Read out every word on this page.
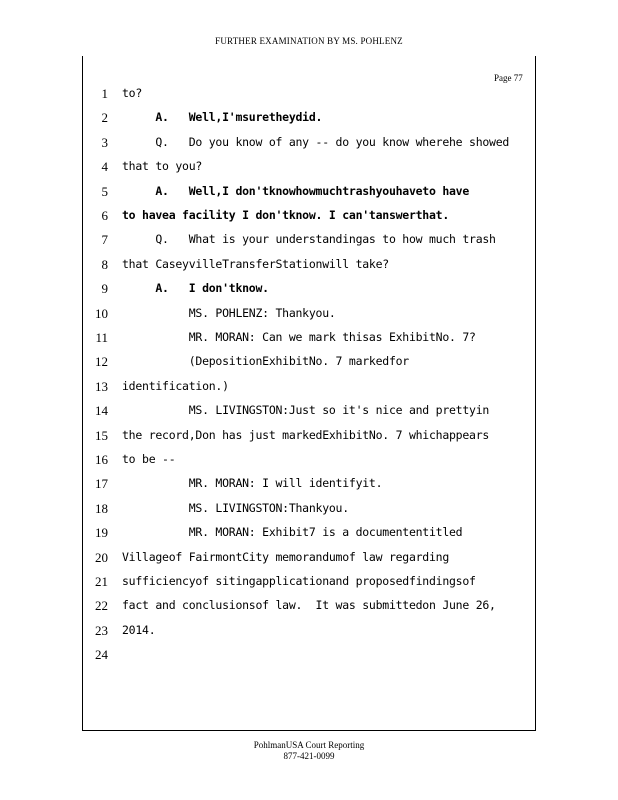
FURTHER EXAMINATION BY MS. POHLENZ
Page 77
1 to?
2 A.   Well,I'msuretheydid.
3 Q.   Do you know of any -- do you know wherehe showed
4 that to you?
5 A.   Well,I don'tknowhowmuchtrashyouhaveto have
6 to havea facility I don'tknow. I can'tanswerthat.
7 Q.   What is your understandingas to how much trash
8 that CaseyvilleTransferStationwill take?
9 A.   I don'tknow.
10 MS. POHLENZ: Thankyou.
11 MR. MORAN: Can we mark thisas ExhibitNo. 7?
12 (DepositionExhibitNo. 7 markedfor
13 identification.)
14 MS. LIVINGSTON:Just so it's nice and prettyin
15 the record,Don has just markedExhibitNo. 7 whichappears
16 to be --
17 MR. MORAN: I will identifyit.
18 MS. LIVINGSTON:Thankyou.
19 MR. MORAN: Exhibit7 is a documententitled
20 Villageof FairmontCity memorandumof law regarding
21 sufficiencyof sitingapplicationand proposedfindingsof
22 fact and conclusionsof law.  It was submittedon June 26,
23 2014.
24
PohlmanUSA Court Reporting
877-421-0099
